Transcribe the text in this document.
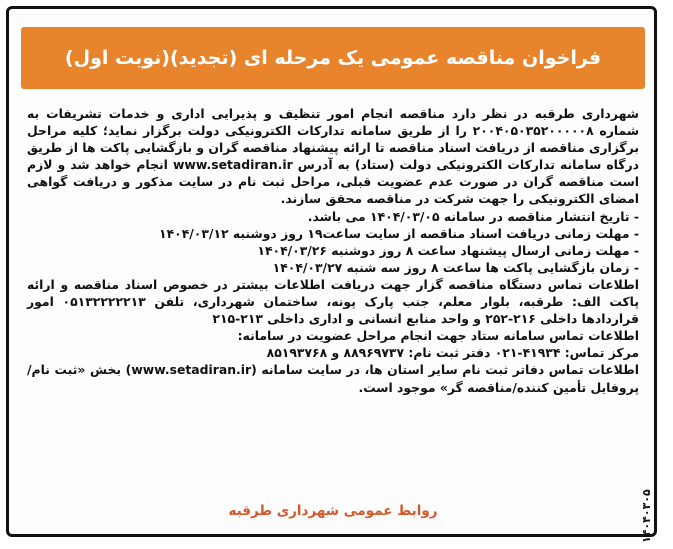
فراخوان مناقصه عمومی یک مرحله ای (تجدید)(نوبت اول)

شهرداری طرقبه در نظر دارد مناقصه انجام امور تنظیف و پذیرایی اداری و خدمات تشریفات به شماره ۲۰۰۴۰۵۰۳۵۲۰۰۰۰۰۸ را از طریق سامانه تدارکات الکترونیکی دولت برگزار نماید؛ کلیه مراحل برگزاری مناقصه از دریافت اسناد مناقصه تا ارائه پیشنهاد مناقصه گران و بازگشایی پاکت ها از طریق درگاه سامانه تدارکات الکترونیکی دولت (ستاد) به آدرس www.setadiran.ir انجام خواهد شد و لازم است مناقصه گران در صورت عدم عضویت قبلی، مراحل ثبت نام در سایت مذکور و دریافت گواهی امضای الکترونیکی را جهت شرکت در مناقصه محقق سازند.

- تاریخ انتشار مناقصه در سامانه ۱۴۰۴/۰۳/۰۵ می باشد.

- مهلت زمانی دریافت اسناد مناقصه از سایت ساعت۱۹ روز دوشنبه ۱۴۰۴/۰۳/۱۲

- مهلت زمانی ارسال پیشنهاد ساعت ۸ روز دوشنبه ۱۴۰۴/۰۳/۲۶

- زمان بازگشایی پاکت ها ساعت ۸ روز سه شنبه ۱۴۰۴/۰۳/۲۷

اطلاعات تماس دستگاه مناقصه گزار جهت دریافت اطلاعات بیشتر در خصوص اسناد مناقصه و ارائه پاکت الف: طرقبه، بلوار معلم، جنب پارک پونه، ساختمان شهرداری، تلفن ۰۵۱۳۲۲۲۲۲۱۳ امور قراردادها داخلی ۲۱۶-۲۵۲ و واحد منابع انسانی و اداری داخلی ۲۱۳-۲۱۵

اطلاعات تماس سامانه ستاد جهت انجام مراحل عضویت در سامانه:

مرکز تماس: ۴۱۹۳۴-۰۲۱ دفتر ثبت نام: ۸۸۹۶۹۷۳۷ و ۸۵۱۹۳۷۶۸

اطلاعات تماس دفاتر ثبت نام سایر استان ها، در سایت سامانه (www.setadiran.ir) بخش «ثبت نام/پروفایل تأمین کننده/مناقصه گر» موجود است.

روابط عمومی شهرداری طرقبه	۱۴۰۴۰۳۰۵
